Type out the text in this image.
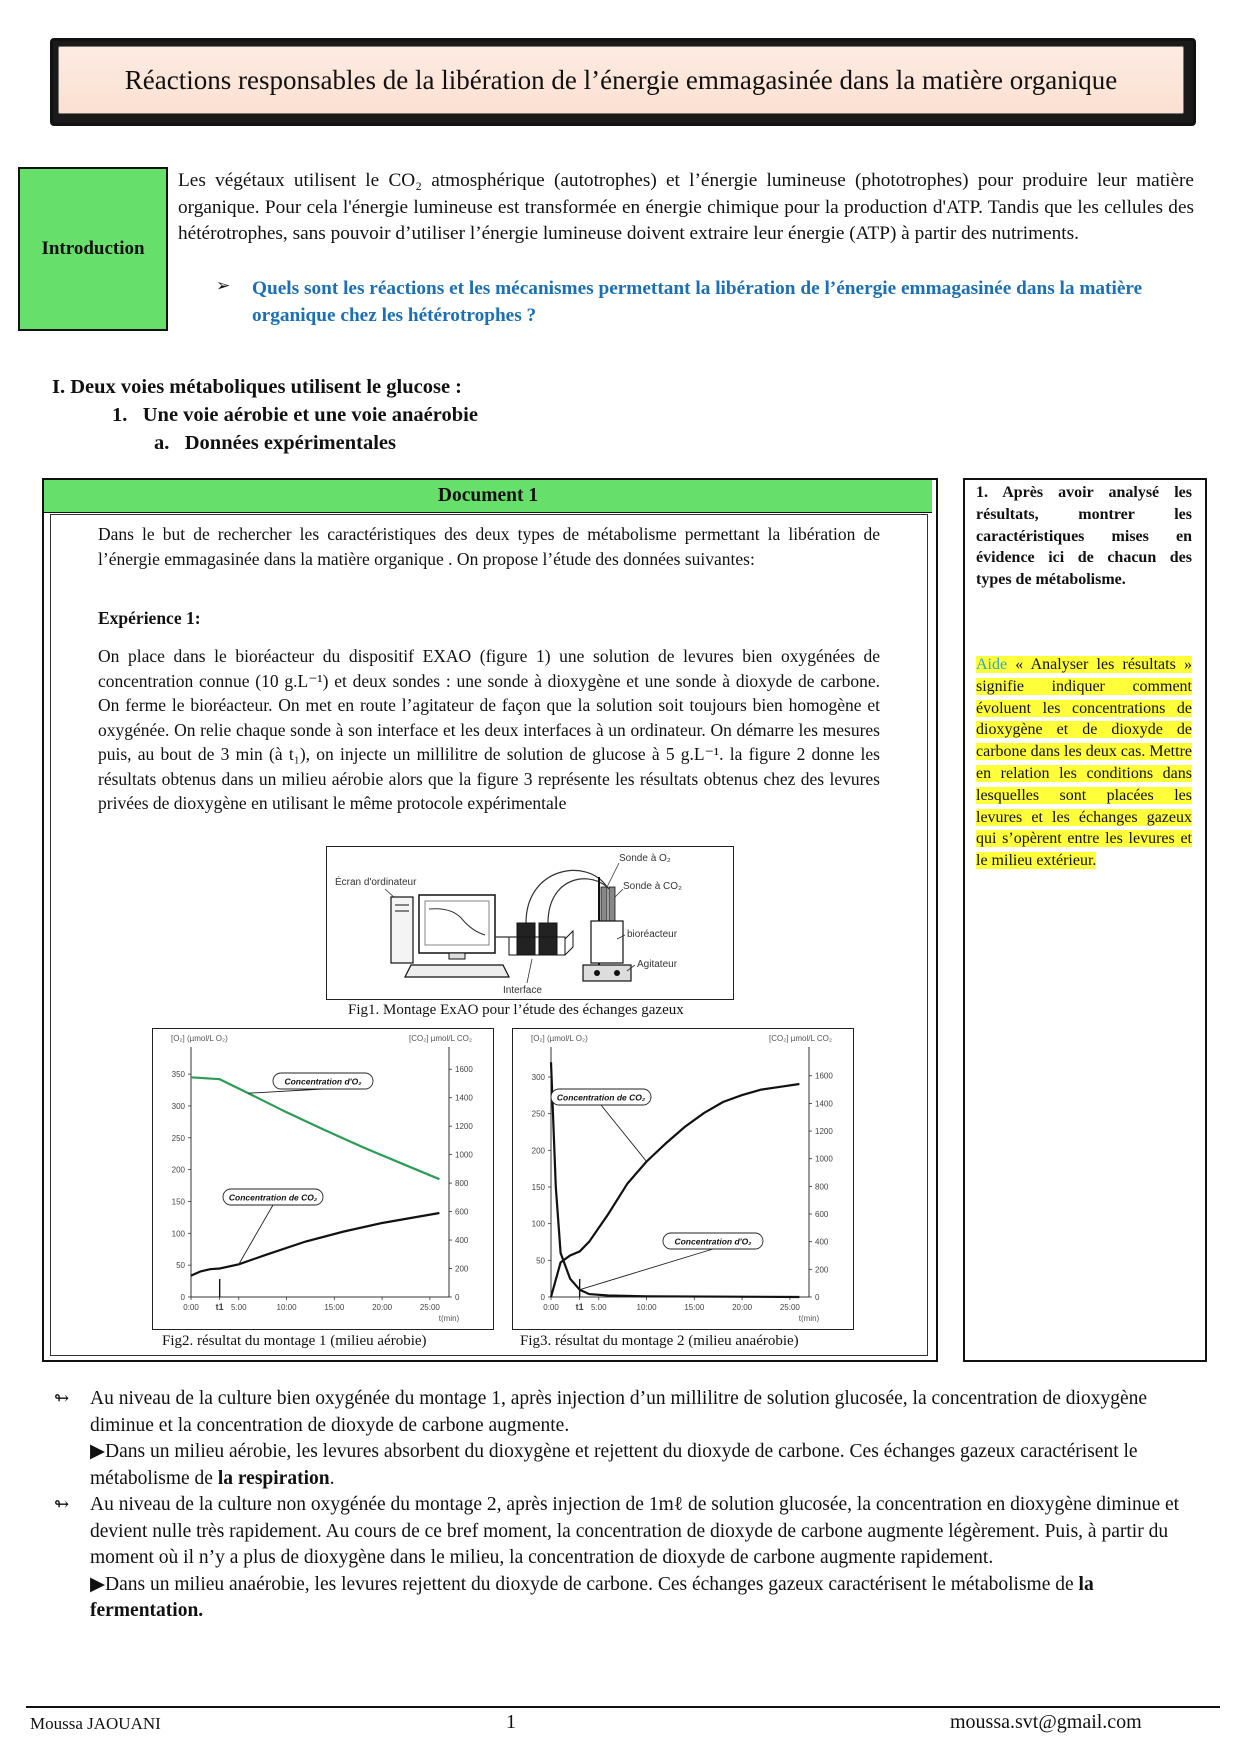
Réactions responsables de la libération de l’énergie emmagasinée dans la matière organique
Introduction
Les végétaux utilisent le CO₂ atmosphérique (autotrophes) et l’énergie lumineuse (phototrophes) pour produire leur matière organique. Pour cela l'énergie lumineuse est transformée en énergie chimique pour la production d'ATP. Tandis que les cellules des hétérotrophes, sans pouvoir d’utiliser l’énergie lumineuse doivent extraire leur énergie (ATP) à partir des nutriments.
➢ Quels sont les réactions et les mécanismes permettant la libération de l’énergie emmagasinée dans la matière organique chez les hétérotrophes ?
I. Deux voies métaboliques utilisent le glucose :
1.   Une voie aérobie et une voie anaérobie
a.   Données expérimentales
Document 1
Dans le but de rechercher les caractéristiques des deux types de métabolisme permettant la libération de l’énergie emmagasinée dans la matière organique . On propose l’étude des données suivantes:
Expérience 1:
On place dans le bioréacteur du dispositif EXAO (figure 1) une solution de levures bien oxygénées de concentration connue (10 g.L⁻¹) et deux sondes : une sonde à dioxygène et une sonde à dioxyde de carbone. On ferme le bioréacteur. On met en route l’agitateur de façon que la solution soit toujours bien homogène et oxygénée. On relie chaque sonde à son interface et les deux interfaces à un ordinateur. On démarre les mesures puis, au bout de 3 min (à t₁), on injecte un millilitre de solution de glucose à 5 g.L⁻¹. la figure 2 donne les résultats obtenus dans un milieu aérobie alors que la figure 3 représente les résultats obtenus chez des levures privées de dioxygène en utilisant le même protocole expérimentale
Écran d'ordinateur
Interface
Sonde à O₂
Sonde à CO₂
bioréacteur
Agitateur
Fig1. Montage ExAO pour l’étude des échanges gazeux
[O₂] (µmol/L O₂)	[CO₂] µmol/L CO₂
0
50
100
150
200
250
300
350
0
200
400
600
800
1000
1200
1400
1600
0:00 t1 5:00	10:00	15:00	20:00	25:00
t(min)
Concentration d'O₂
Concentration de CO₂
Fig2. résultat du montage 1 (milieu aérobie)
[O₂] (µmol/L O₂)	[CO₂] µmol/L CO₂
0
50
100
150
200
250
300
0
200
400
600
800
1000
1200
1400
1600
0:00 t1 5:00	10:00	15:00	20:00	25:00
t(min)
Concentration d'O₂
Concentration de CO₂
Fig3. résultat du montage 2 (milieu anaérobie)
1. Après avoir analysé les résultats, montrer les caractéristiques mises en évidence ici de chacun des types de métabolisme.
Aide « Analyser les résultats » signifie indiquer comment évoluent les concentrations de dioxygène et de dioxyde de carbone dans les deux cas. Mettre en relation les conditions dans lesquelles sont placées les levures et les échanges gazeux qui s’opèrent entre les levures et le milieu extérieur.
↬ Au niveau de la culture bien oxygénée du montage 1, après injection d’un millilitre de solution glucosée, la concentration de dioxygène diminue et la concentration de dioxyde de carbone augmente.
▶Dans un milieu aérobie, les levures absorbent du dioxygène et rejettent du dioxyde de carbone. Ces échanges gazeux caractérisent le métabolisme de la respiration.
↬ Au niveau de la culture non oxygénée du montage 2, après injection de 1mℓ de solution glucosée, la concentration en dioxygène diminue et devient nulle très rapidement. Au cours de ce bref moment, la concentration de dioxyde de carbone augmente légèrement. Puis, à partir du moment où il n’y a plus de dioxygène dans le milieu, la concentration de dioxyde de carbone augmente rapidement.
▶Dans un milieu anaérobie, les levures rejettent du dioxyde de carbone. Ces échanges gazeux caractérisent le métabolisme de la fermentation.
Moussa JAOUANI	1	moussa.svt@gmail.com
